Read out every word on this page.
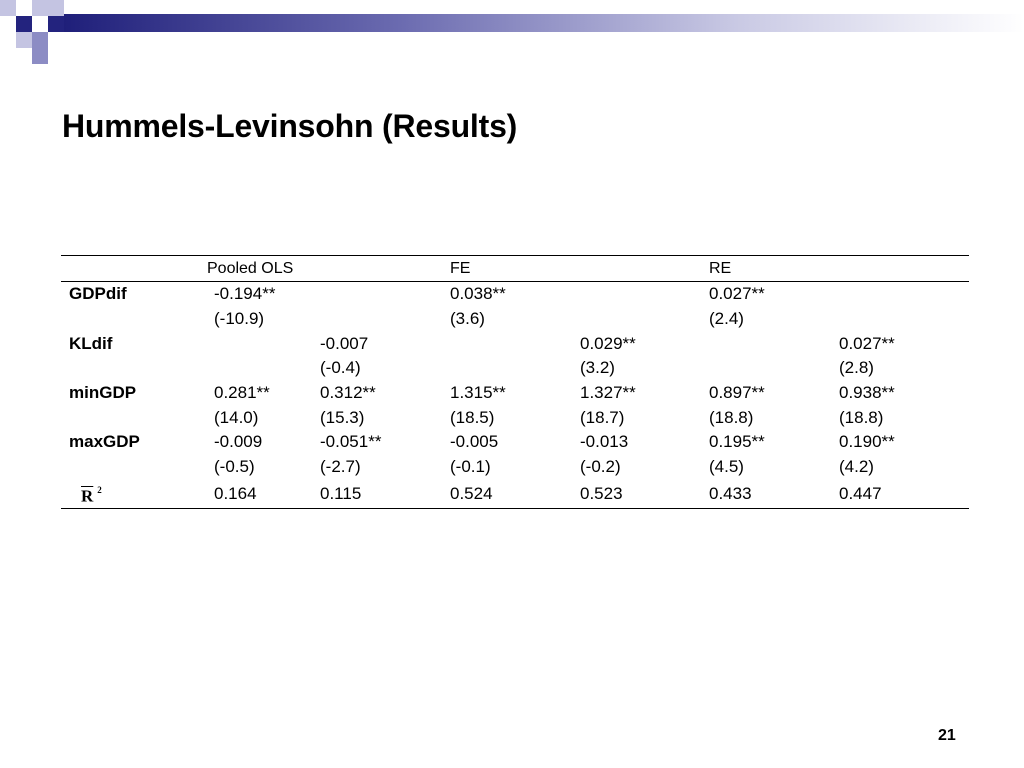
Hummels-Levinsohn (Results)
	Pooled OLS		FE		RE	
GDPdif	-0.194**		0.038**		0.027**	
	(-10.9)		(3.6)		(2.4)	
KLdif		-0.007		0.029**		0.027**
		(-0.4)		(3.2)		(2.8)
minGDP	0.281**	0.312**	1.315**	1.327**	0.897**	0.938**
	(14.0)	(15.3)	(18.5)	(18.7)	(18.8)	(18.8)
maxGDP	-0.009	-0.051**	-0.005	-0.013	0.195**	0.190**
	(-0.5)	(-2.7)	(-0.1)	(-0.2)	(4.5)	(4.2)
$\overline{R}$ $^2$	0.164	0.115	0.524	0.523	0.433	0.447
21
